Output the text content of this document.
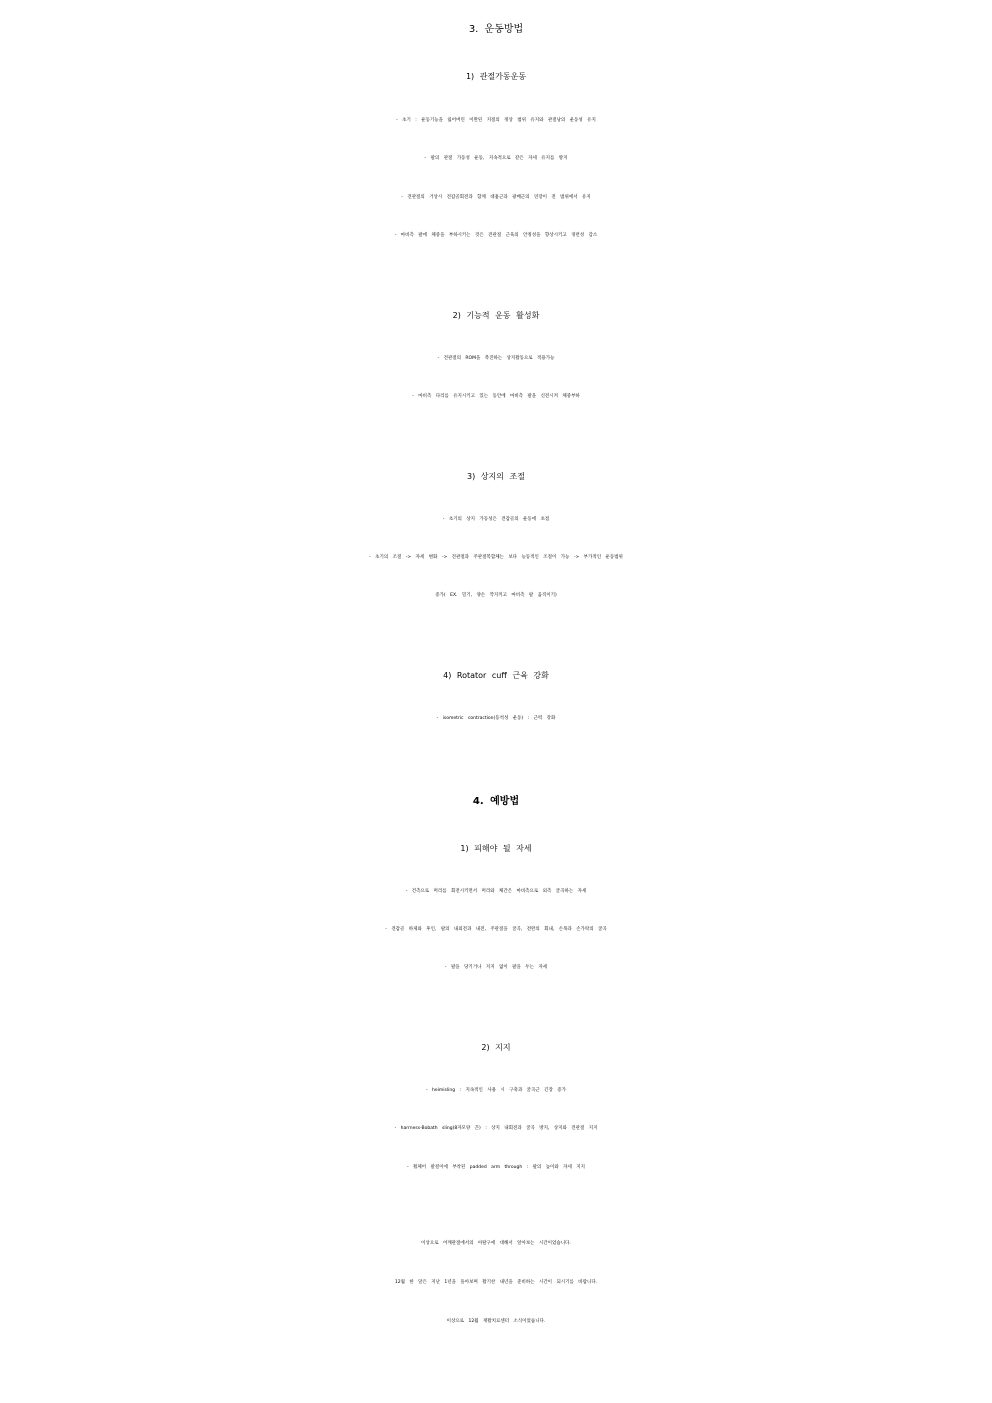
3. 운동방법
1) 관절가동운동
- 초기 : 운동기능을 잃어버린 이완된 지절의 정상 범위 유지와 관절낭의 운동성 유지
- 팔의 관절 가동성 운동, 지속적으로 같은 자세 유지를 방지
- 견관절의 거상시 견갑골회전과 함께 대흉근과 광배근의 연장이 전 범위에서 유지
- 마비측 팔에 체중을 부하시키는 것은 견관절 근육의 안정성을 향상시키고 경련성 감소
2) 기능적 운동 활성화
- 견관절의 ROM을 촉진하는 상지활동으로 적용가능
- 마비측 다리를 유지시키고 있는 동안에 마비측 팔을 신전시켜 체중부하
3) 상지의 조절
- 초기의 상지 가동성은 견갑골의 운동에 초점
- 초기의 조절 -> 자세 변화 -> 견관절과 주관절복합체는 보다 능동적인 조절이 가능 -> 부가적인 운동범위
증가( EX. 밀기, 양손 깍지끼고 마비측 팔 움직이기)
4) Rotator cuff 근육 강화
- isometric contraction(등척성 운동) : 근력 강화
4. 예방법
1) 피해야 될 자세
- 건측으로 머리를 회전시키면서 머리와 체간은 마비측으로 외측 굴곡하는 자세
- 견갑골 하제와 후인, 팔의 내외전과 내전, 주관절을 굴곡, 전완의 회내, 손목과 손가락의 굴곡
- 팔을 당기거나 지지 없이 팔을 두는 자세
2) 지지
- heimisling : 지속적인 사용 시 구축과 굴곡근 긴장 증가
- harrness-Bobath sling(8자모양 끈) : 상지 내회전과 굴곡 방지, 상지와 견관절 지지
- 휠체어 팔걸이에 부착된 padded arm through : 팔의 높이와 자세 지지
이상으로 어깨관절에서의 아탈구에 대해서 알아보는 시간이었습니다.
12월 한 달은 지난 1년을 돌아보며 활기찬 내년을 준비하는 시간이 되시기를 바랍니다.
이상으로 12월 재활치료센터 소식이었습니다.
